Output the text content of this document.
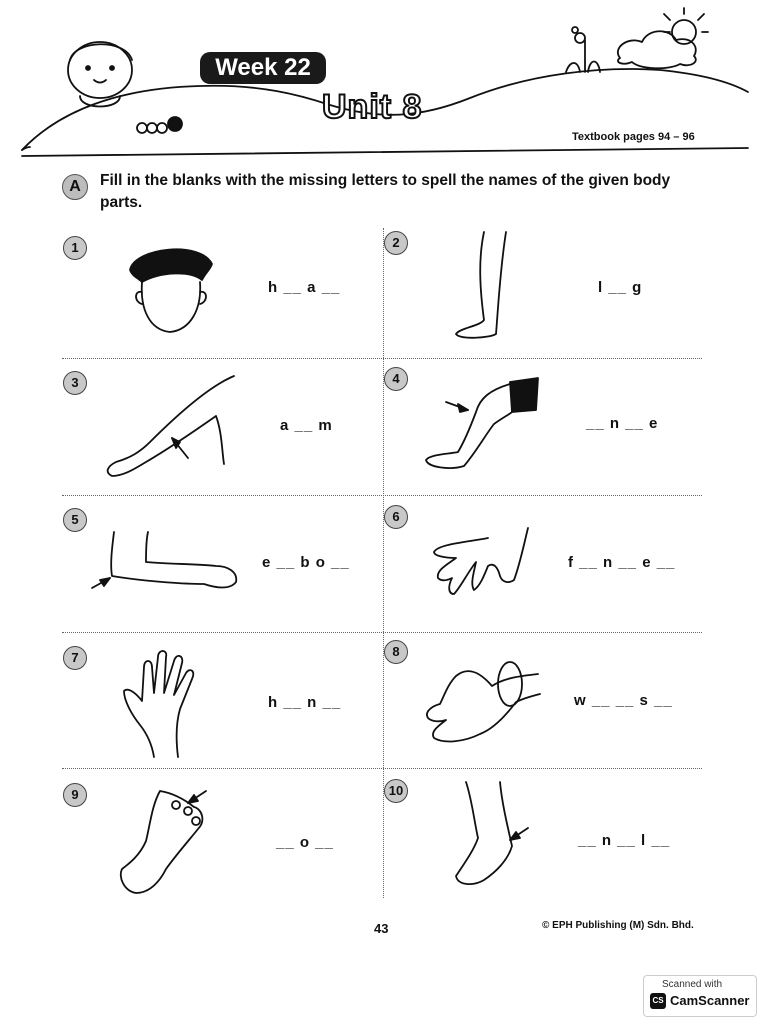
Week 22
Unit 8
Textbook pages 94 – 96
A	Fill in the blanks with the missing letters to spell the names of the given body parts.
1
h __ a __
2
l __ g
3
a __ m
4
__ n __ e
5
e __ b o __
6
f __ n __ e __
7
h __ n __
8
w __ __ s __
9
__ o __
10
__ n __ l __
43	© EPH Publishing (M) Sdn. Bhd.
Scanned with
CS CamScanner
